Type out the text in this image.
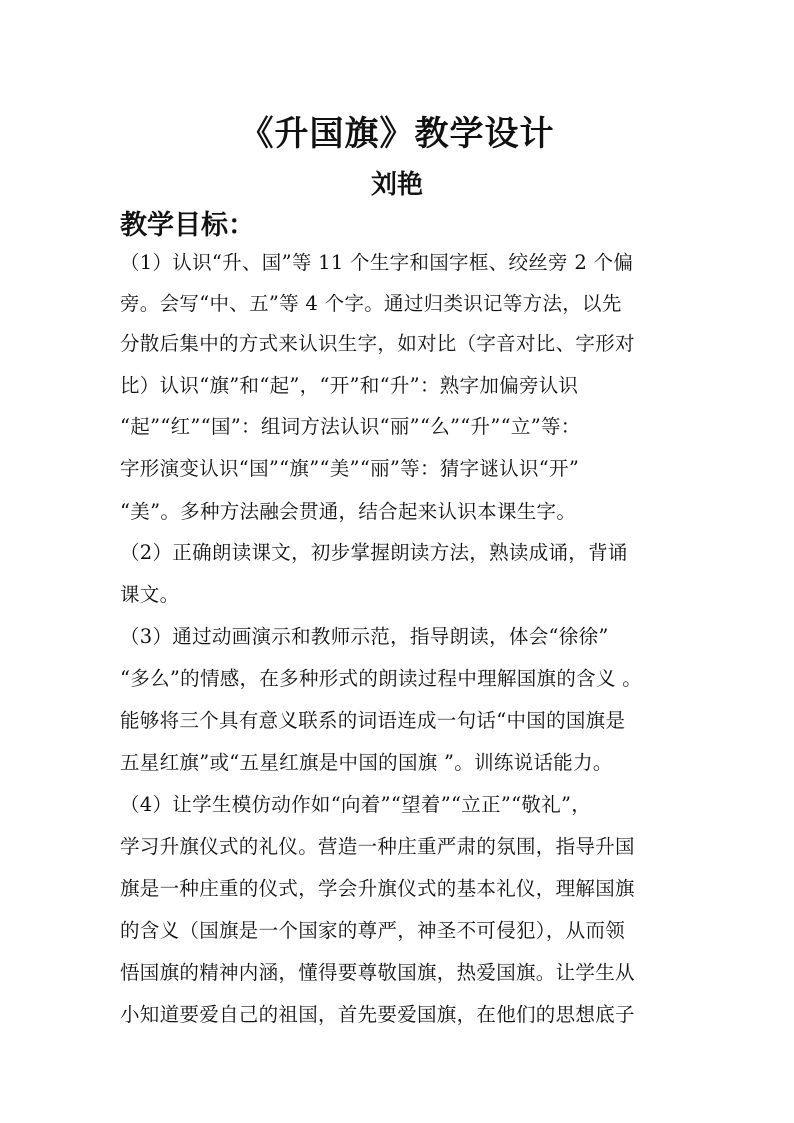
《升国旗》教学设计
刘艳
教学目标：
（1）认识“升、国”等 11 个生字和国字框、绞丝旁 2 个偏
旁。会写“中、五”等 4 个字。通过归类识记等方法，以先
分散后集中的方式来认识生字，如对比（字音对比、字形对
比）认识“旗”和“起”，“开”和“升”：熟字加偏旁认识
“起”“红”“国”：组词方法认识“丽”“么”“升”“立”等：
字形演变认识“国”“旗”“美”“丽”等：猜字谜认识“开”
“美”。多种方法融会贯通，结合起来认识本课生字。
（2）正确朗读课文，初步掌握朗读方法，熟读成诵，背诵
课文。
（3）通过动画演示和教师示范，指导朗读，体会“徐徐”
“多么”的情感，在多种形式的朗读过程中理解国旗的含义 。
能够将三个具有意义联系的词语连成一句话“中国的国旗是
五星红旗”或“五星红旗是中国的国旗 ”。训练说话能力。
（4）让学生模仿动作如“向着”“望着”“立正”“敬礼”，
学习升旗仪式的礼仪。营造一种庄重严肃的氛围，指导升国
旗是一种庄重的仪式，学会升旗仪式的基本礼仪，理解国旗
的含义（国旗是一个国家的尊严，神圣不可侵犯），从而领
悟国旗的精神内涵，懂得要尊敬国旗，热爱国旗。让学生从
小知道要爱自己的祖国，首先要爱国旗，在他们的思想底子
